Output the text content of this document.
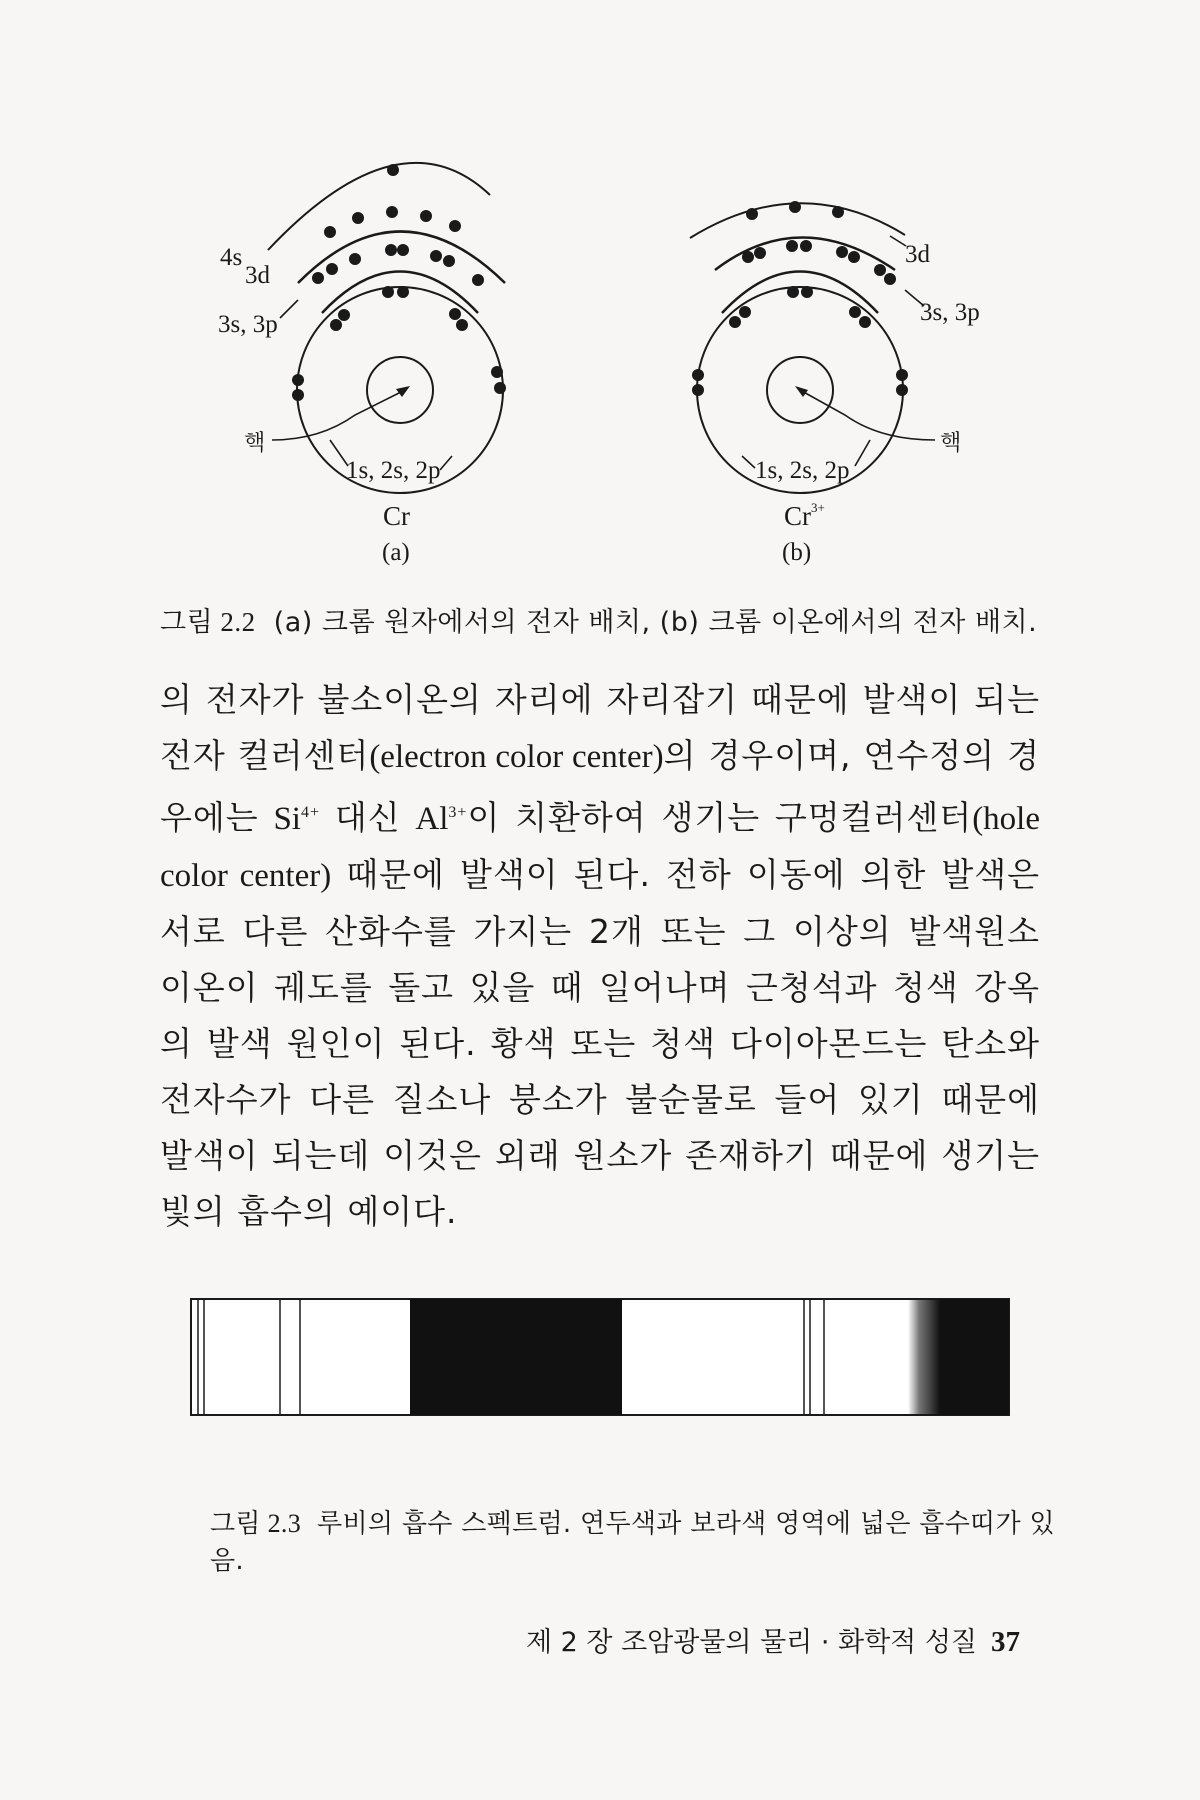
4s
3d
3s, 3p
핵
1s, 2s, 2p
Cr
(a)
3d
3s, 3p
핵
1s, 2s, 2p
$Cr^{3+}$
(b)
그림 2.2 (a) 크롬 원자에서의 전자 배치, (b) 크롬 이온에서의 전자 배치.
의 전자가 불소이온의 자리에 자리잡기 때문에 발색이 되는 전자 컬러센터(electron color center)의 경우이며, 연수정의 경우에는 $Si^{4+}$ 대신 $Al^{3+}$이 치환하여 생기는 구멍컬러센터(hole color center) 때문에 발색이 된다. 전하 이동에 의한 발색은 서로 다른 산화수를 가지는 2개 또는 그 이상의 발색원소 이온이 궤도를 돌고 있을 때 일어나며 근청석과 청색 강옥의 발색 원인이 된다. 황색 또는 청색 다이아몬드는 탄소와 전자수가 다른 질소나 붕소가 불순물로 들어 있기 때문에 발색이 되는데 이것은 외래 원소가 존재하기 때문에 생기는 빛의 흡수의 예이다.
그림 2.3 루비의 흡수 스펙트럼. 연두색과 보라색 영역에 넓은 흡수띠가 있음.
제 2 장 조암광물의 물리 · 화학적 성질 37
